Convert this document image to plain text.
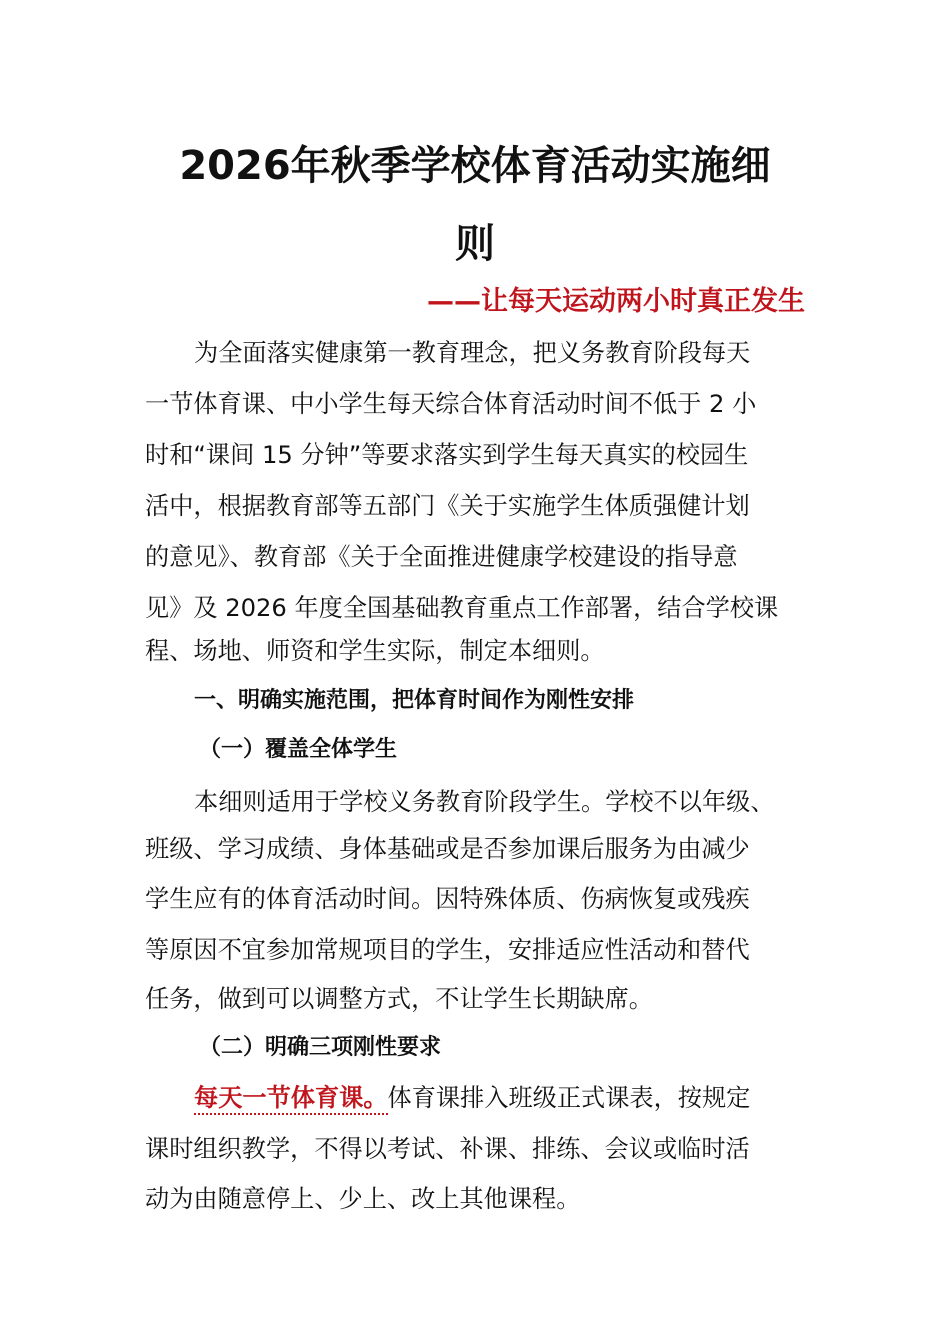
2026年秋季学校体育活动实施细
则
——让每天运动两小时真正发生
为全面落实健康第一教育理念，把义务教育阶段每天
一节体育课、中小学生每天综合体育活动时间不低于 2 小
时和“课间 15 分钟”等要求落实到学生每天真实的校园生
活中，根据教育部等五部门《关于实施学生体质强健计划
的意见》、教育部《关于全面推进健康学校建设的指导意
见》及 2026 年度全国基础教育重点工作部署，结合学校课
程、场地、师资和学生实际，制定本细则。
一、明确实施范围，把体育时间作为刚性安排
（一）覆盖全体学生
本细则适用于学校义务教育阶段学生。学校不以年级、
班级、学习成绩、身体基础或是否参加课后服务为由减少
学生应有的体育活动时间。因特殊体质、伤病恢复或残疾
等原因不宜参加常规项目的学生，安排适应性活动和替代
任务，做到可以调整方式，不让学生长期缺席。
（二）明确三项刚性要求
每天一节体育课。体育课排入班级正式课表，按规定
课时组织教学，不得以考试、补课、排练、会议或临时活
动为由随意停上、少上、改上其他课程。
